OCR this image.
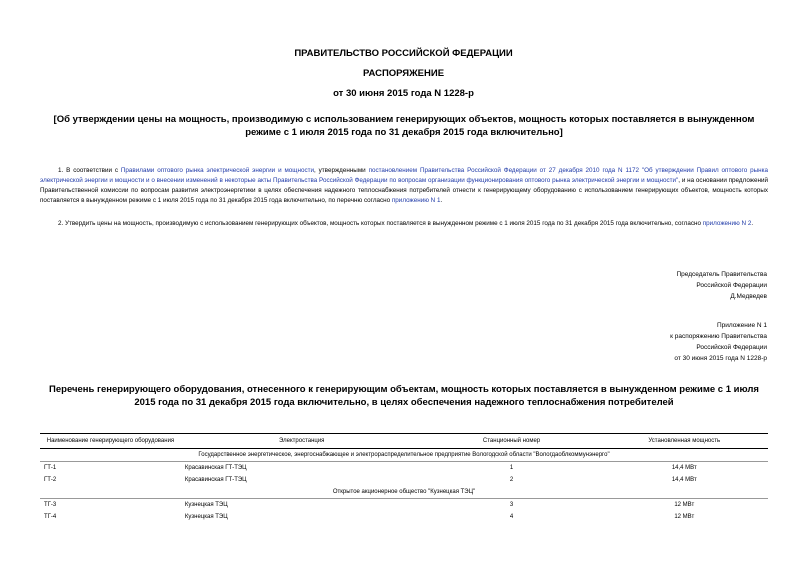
ПРАВИТЕЛЬСТВО РОССИЙСКОЙ ФЕДЕРАЦИИ
РАСПОРЯЖЕНИЕ
от 30 июня 2015 года N 1228-р
[Об утверждении цены на мощность, производимую с использованием генерирующих объектов, мощность которых поставляется в вынужденном режиме с 1 июля 2015 года по 31 декабря 2015 года включительно]
1. В соответствии с Правилами оптового рынка электрической энергии и мощности, утвержденными постановлением Правительства Российской Федерации от 27 декабря 2010 года N 1172 "Об утверждении Правил оптового рынка электрической энергии и мощности и о внесении изменений в некоторые акты Правительства Российской Федерации по вопросам организации функционирования оптового рынка электрической энергии и мощности", и на основании предложений Правительственной комиссии по вопросам развития электроэнергетики в целях обеспечения надежного теплоснабжения потребителей отнести к генерирующему оборудованию с использованием генерирующих объектов, мощность которых поставляется в вынужденном режиме с 1 июля 2015 года по 31 декабря 2015 года включительно, по перечню согласно приложению N 1.
2. Утвердить цены на мощность, производимую с использованием генерирующих объектов, мощность которых поставляется в вынужденном режиме с 1 июля 2015 года по 31 декабря 2015 года включительно, согласно приложению N 2.
Председатель Правительства
Российской Федерации
Д.Медведев
Приложение N 1
к распоряжению Правительства
Российской Федерации
от 30 июня 2015 года N 1228-р
Перечень генерирующего оборудования, отнесенного к генерирующим объектам, мощность которых поставляется в вынужденном режиме с 1 июля 2015 года по 31 декабря 2015 года включительно, в целях обеспечения надежного теплоснабжения потребителей
Наименование генерирующего оборудования	Электростанция	Станционный номер	Установленная мощность
Государственное энергетическое, энергоснабжающее и электрораспределительное предприятие Вологодской области "Вологдаоблкоммунэнерго"			
ГТ-1	Красавинская ГТ-ТЭЦ	1	14,4 МВт
ГТ-2	Красавинская ГТ-ТЭЦ	2	14,4 МВт
Открытое акционерное общество "Кузнецкая ТЭЦ"			
ТГ-3	Кузнецкая ТЭЦ	3	12 МВт
ТГ-4	Кузнецкая ТЭЦ	4	12 МВт
